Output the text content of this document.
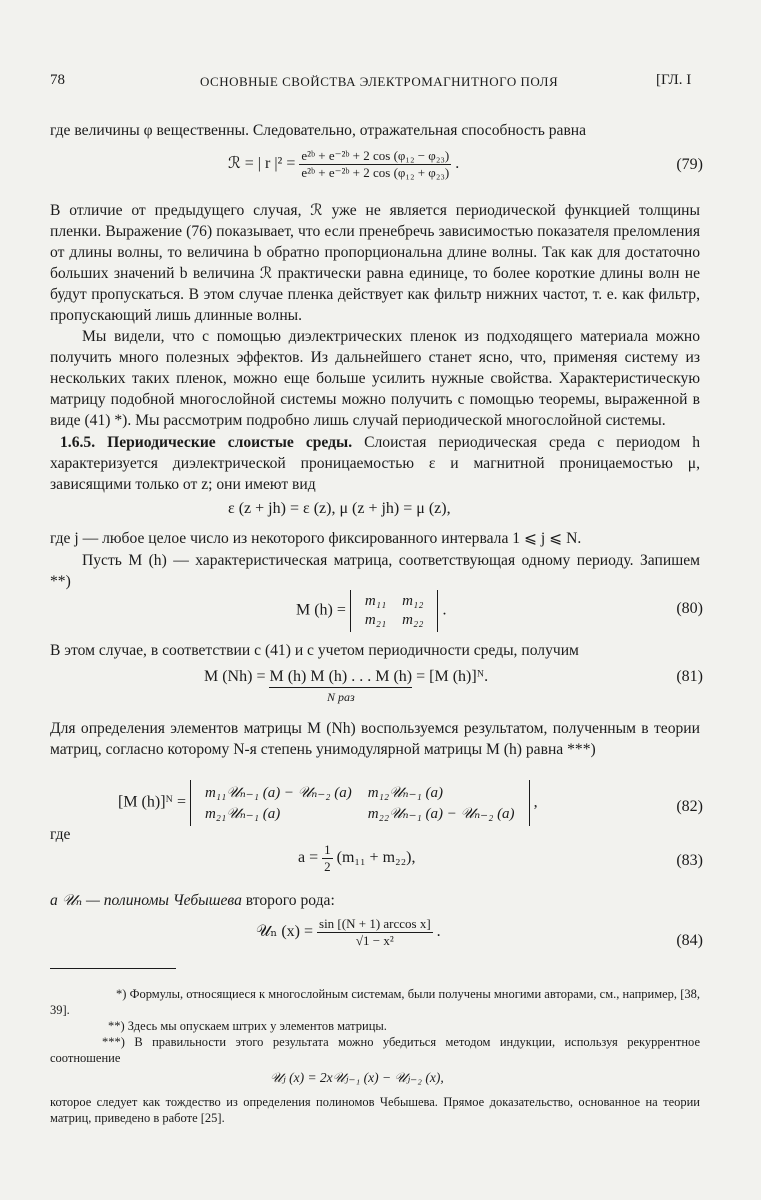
78	ОСНОВНЫЕ СВОЙСТВА ЭЛЕКТРОМАГНИТНОГО ПОЛЯ	[ГЛ. I

где величины φ вещественны. Следовательно, отражательная способность равна

ℛ = | r $|^2 = \frac{\text{e²ᵇ + e⁻²ᵇ + 2 cos (φ₁₂ − φ₂₃)}}{\text{e²ᵇ + e⁻²ᵇ + 2 cos (φ₁₂ + φ₂₃)}}$ .	(79)

В отличие от предыдущего случая, ℛ уже не является периодической функцией толщины пленки. Выражение (76) показывает, что если пренебречь зависимостью показателя преломления от длины волны, то величина b обратно пропорциональна длине волны. Так как для достаточно больших значений b величина ℛ практически равна единице, то более короткие длины волн не будут пропускаться. В этом случае пленка действует как фильтр нижних частот, т. е. как фильтр, пропускающий лишь длинные волны.

Мы видели, что с помощью диэлектрических пленок из подходящего материала можно получить много полезных эффектов. Из дальнейшего станет ясно, что, применяя систему из нескольких таких пленок, можно еще больше усилить нужные свойства. Характеристическую матрицу подобной многослойной системы можно получить с помощью теоремы, выраженной в виде (41) *). Мы рассмотрим подробно лишь случай периодической многослойной системы.

1.6.5. Периодические слоистые среды. Слоистая периодическая среда с периодом h характеризуется диэлектрической проницаемостью ε и магнитной проницаемостью μ, зависящими только от z; они имеют вид

ε (z + jh) = ε (z), μ (z + jh) = μ (z),

где j — любое целое число из некоторого фиксированного интервала 1 ⩽ j ⩽ N.

Пусть M (h) — характеристическая матрица, соответствующая одному периоду. Запишем **)

M (h) =
m₁₁	m₁₂
m₂₁	m₂₂
.	(80)

В этом случае, в соответствии с (41) и с учетом периодичности среды, получим

M (Nh) = M (h) M (h) . . . M (h)
N раз
= [M (h)]ᴺ.	(81)

Для определения элементов матрицы M (Nh) воспользуемся результатом, полученным в теории матриц, согласно которому N-я степень унимодулярной матрицы M (h) равна ***)

[M (h)]ᴺ =
m₁₁𝒰ₙ₋₁ (a) − 𝒰ₙ₋₂ (a)	m₁₂𝒰ₙ₋₁ (a)
m₂₁𝒰ₙ₋₁ (a)	m₂₂𝒰ₙ₋₁ (a) − 𝒰ₙ₋₂ (a)
,	(82)
где
$a = \frac{1}{2} (m_{11} + m_{22})$,	(83)

а 𝒰ₙ — полиномы Чебышева второго рода:

𝒰ₙ $(x) = \frac{\text{sin [(N + 1) arccos x]}}{\text{√1 − x²}}$ .
(84)

*) Формулы, относящиеся к многослойным системам, были получены многими авторами, см., например, [38, 39].

**) Здесь мы опускаем штрих у элементов матрицы.

***) В правильности этого результата можно убедиться методом индукции, используя рекуррентное соотношение

𝒰ⱼ (x) = 2x𝒰ⱼ₋₁ (x) − 𝒰ⱼ₋₂ (x),

которое следует как тождество из определения полиномов Чебышева. Прямое доказательство, основанное на теории матриц, приведено в работе [25].
